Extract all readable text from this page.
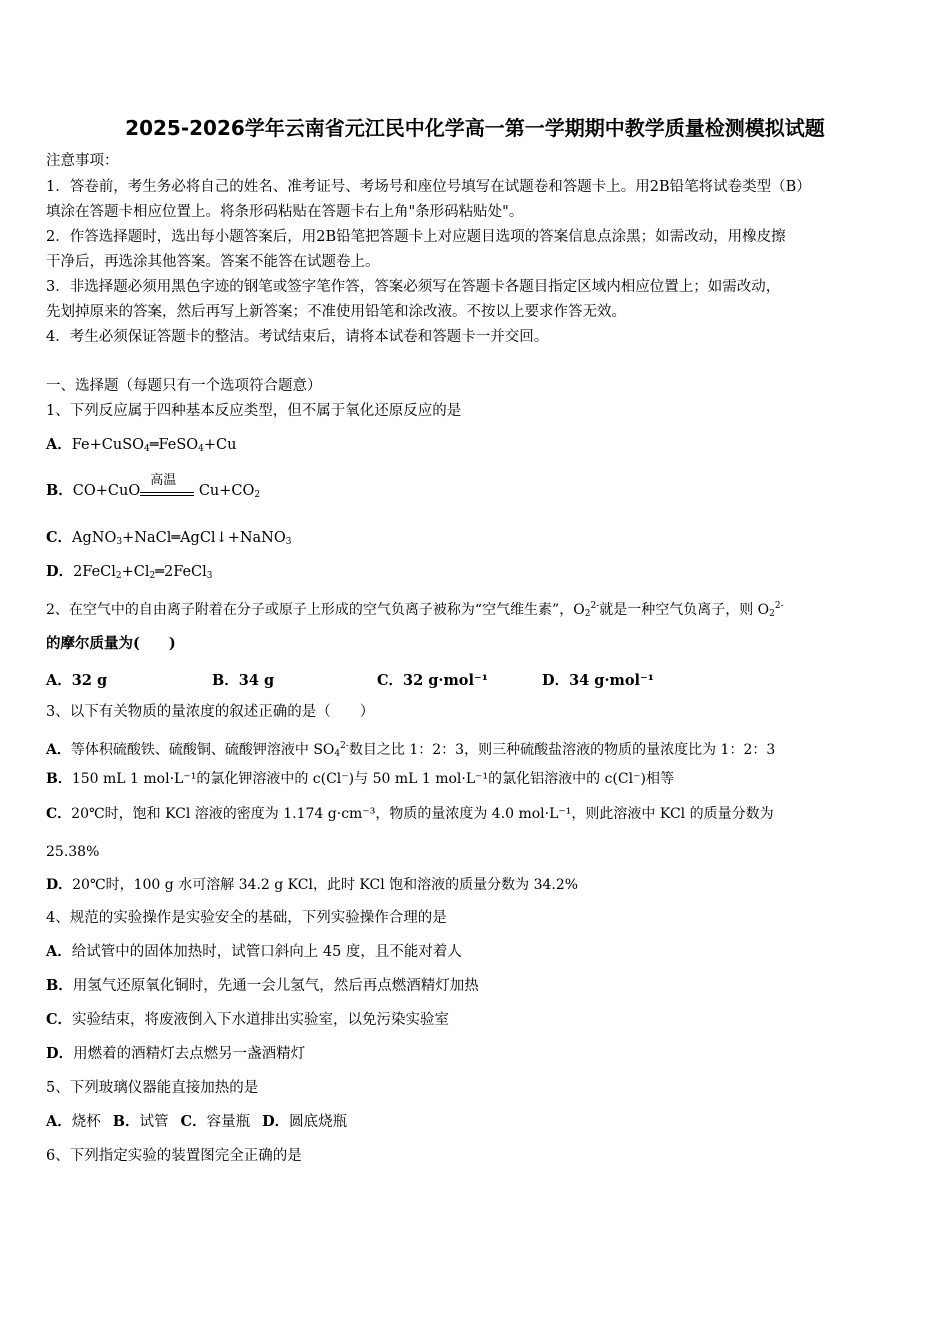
2025-2026学年云南省元江民中化学高一第一学期期中教学质量检测模拟试题
注意事项：
1．答卷前，考生务必将自己的姓名、准考证号、考场号和座位号填写在试题卷和答题卡上。用2B铅笔将试卷类型（B）
填涂在答题卡相应位置上。将条形码粘贴在答题卡右上角"条形码粘贴处"。
2．作答选择题时，选出每小题答案后，用2B铅笔把答题卡上对应题目选项的答案信息点涂黑；如需改动，用橡皮擦
干净后，再选涂其他答案。答案不能答在试题卷上。
3．非选择题必须用黑色字迹的钢笔或签字笔作答，答案必须写在答题卡各题目指定区域内相应位置上；如需改动，
先划掉原来的答案，然后再写上新答案；不准使用铅笔和涂改液。不按以上要求作答无效。
4．考生必须保证答题卡的整洁。考试结束后，请将本试卷和答题卡一并交回。
一、选择题（每题只有一个选项符合题意）
1、下列反应属于四种基本反应类型，但不属于氧化还原反应的是
A．Fe+CuSO$_4$═FeSO$_4$+Cu
B．CO+CuO
高温
$Cu+CO_2$
C．AgNO$_3$+NaCl═AgCl↓+NaNO$_3$
D．$2FeCl_2+Cl_2═2FeCl_3$
2、在空气中的自由离子附着在分子或原子上形成的空气负离子被称为“空气维生素”，$O_2^{2-}$就是一种空气负离子，则 $O_2^{2-}$
的摩尔质量为(　　)
A．32 g	B．34 g	C．32 g·mol⁻¹	D．34 g·mol⁻¹
3、以下有关物质的量浓度的叙述正确的是（　　）
A．等体积硫酸铁、硫酸铜、硫酸钾溶液中 $SO_4^{2-}$数目之比 1：2：3，则三种硫酸盐溶液的物质的量浓度比为 1：2：3
B．150 mL 1 mol·L⁻¹的氯化钾溶液中的 c(Cl⁻)与 50 mL 1 mol·L⁻¹的氯化铝溶液中的 c(Cl⁻)相等
C．20℃时，饱和 KCl 溶液的密度为 1.174 g·cm⁻³，物质的量浓度为 4.0 mol·L⁻¹，则此溶液中 KCl 的质量分数为
25.38%
D．20℃时，100 g 水可溶解 34.2 g KCl，此时 KCl 饱和溶液的质量分数为 34.2%
4、规范的实验操作是实验安全的基础，下列实验操作合理的是
A．给试管中的固体加热时，试管口斜向上 45 度，且不能对着人
B．用氢气还原氧化铜时，先通一会儿氢气，然后再点燃酒精灯加热
C．实验结束，将废液倒入下水道排出实验室，以免污染实验室
D．用燃着的酒精灯去点燃另一盏酒精灯
5、下列玻璃仪器能直接加热的是
A．烧杯 B．试管 C．容量瓶 D．圆底烧瓶
6、下列指定实验的装置图完全正确的是
